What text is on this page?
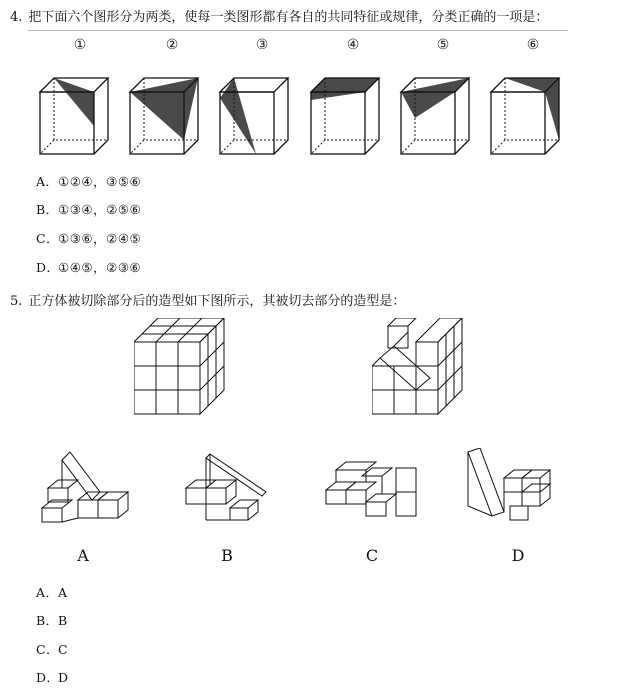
4. 把下面六个图形分为两类，使每一类图形都有各自的共同特征或规律，分类正确的一项是：
①	②	③	④	⑤	⑥
A．①②④，③⑤⑥
B．①③④，②⑤⑥
C．①③⑥，②④⑤
D．①④⑤，②③⑥
5. 正方体被切除部分后的造型如下图所示，其被切去部分的造型是：
A	B	C	D
A．A
B．B
C．C
D．D
